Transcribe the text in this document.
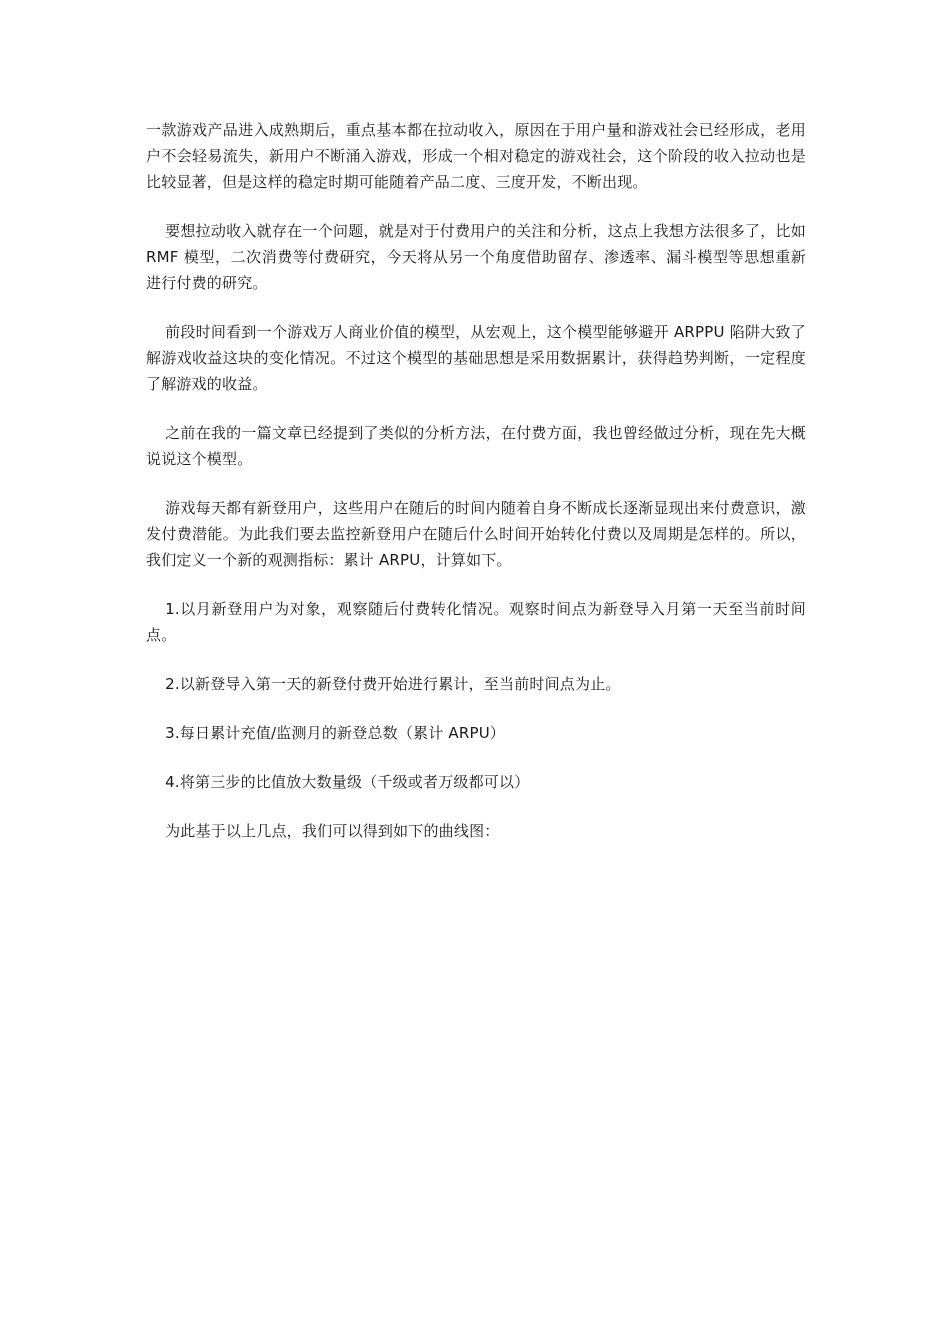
一款游戏产品进入成熟期后，重点基本都在拉动收入，原因在于用户量和游戏社会已经形成，老用户不会轻易流失，新用户不断涌入游戏，形成一个相对稳定的游戏社会，这个阶段的收入拉动也是比较显著，但是这样的稳定时期可能随着产品二度、三度开发，不断出现。

要想拉动收入就存在一个问题，就是对于付费用户的关注和分析，这点上我想方法很多了，比如 RMF 模型，二次消费等付费研究，今天将从另一个角度借助留存、渗透率、漏斗模型等思想重新进行付费的研究。

前段时间看到一个游戏万人商业价值的模型，从宏观上，这个模型能够避开 ARPPU 陷阱大致了解游戏收益这块的变化情况。不过这个模型的基础思想是采用数据累计，获得趋势判断，一定程度了解游戏的收益。

之前在我的一篇文章已经提到了类似的分析方法，在付费方面，我也曾经做过分析，现在先大概说说这个模型。

游戏每天都有新登用户，这些用户在随后的时间内随着自身不断成长逐渐显现出来付费意识，激发付费潜能。为此我们要去监控新登用户在随后什么时间开始转化付费以及周期是怎样的。所以，我们定义一个新的观测指标：累计 ARPU，计算如下。

1.以月新登用户为对象，观察随后付费转化情况。观察时间点为新登导入月第一天至当前时间点。

2.以新登导入第一天的新登付费开始进行累计，至当前时间点为止。

3.每日累计充值/监测月的新登总数（累计 ARPU）

4.将第三步的比值放大数量级（千级或者万级都可以）

为此基于以上几点，我们可以得到如下的曲线图：
